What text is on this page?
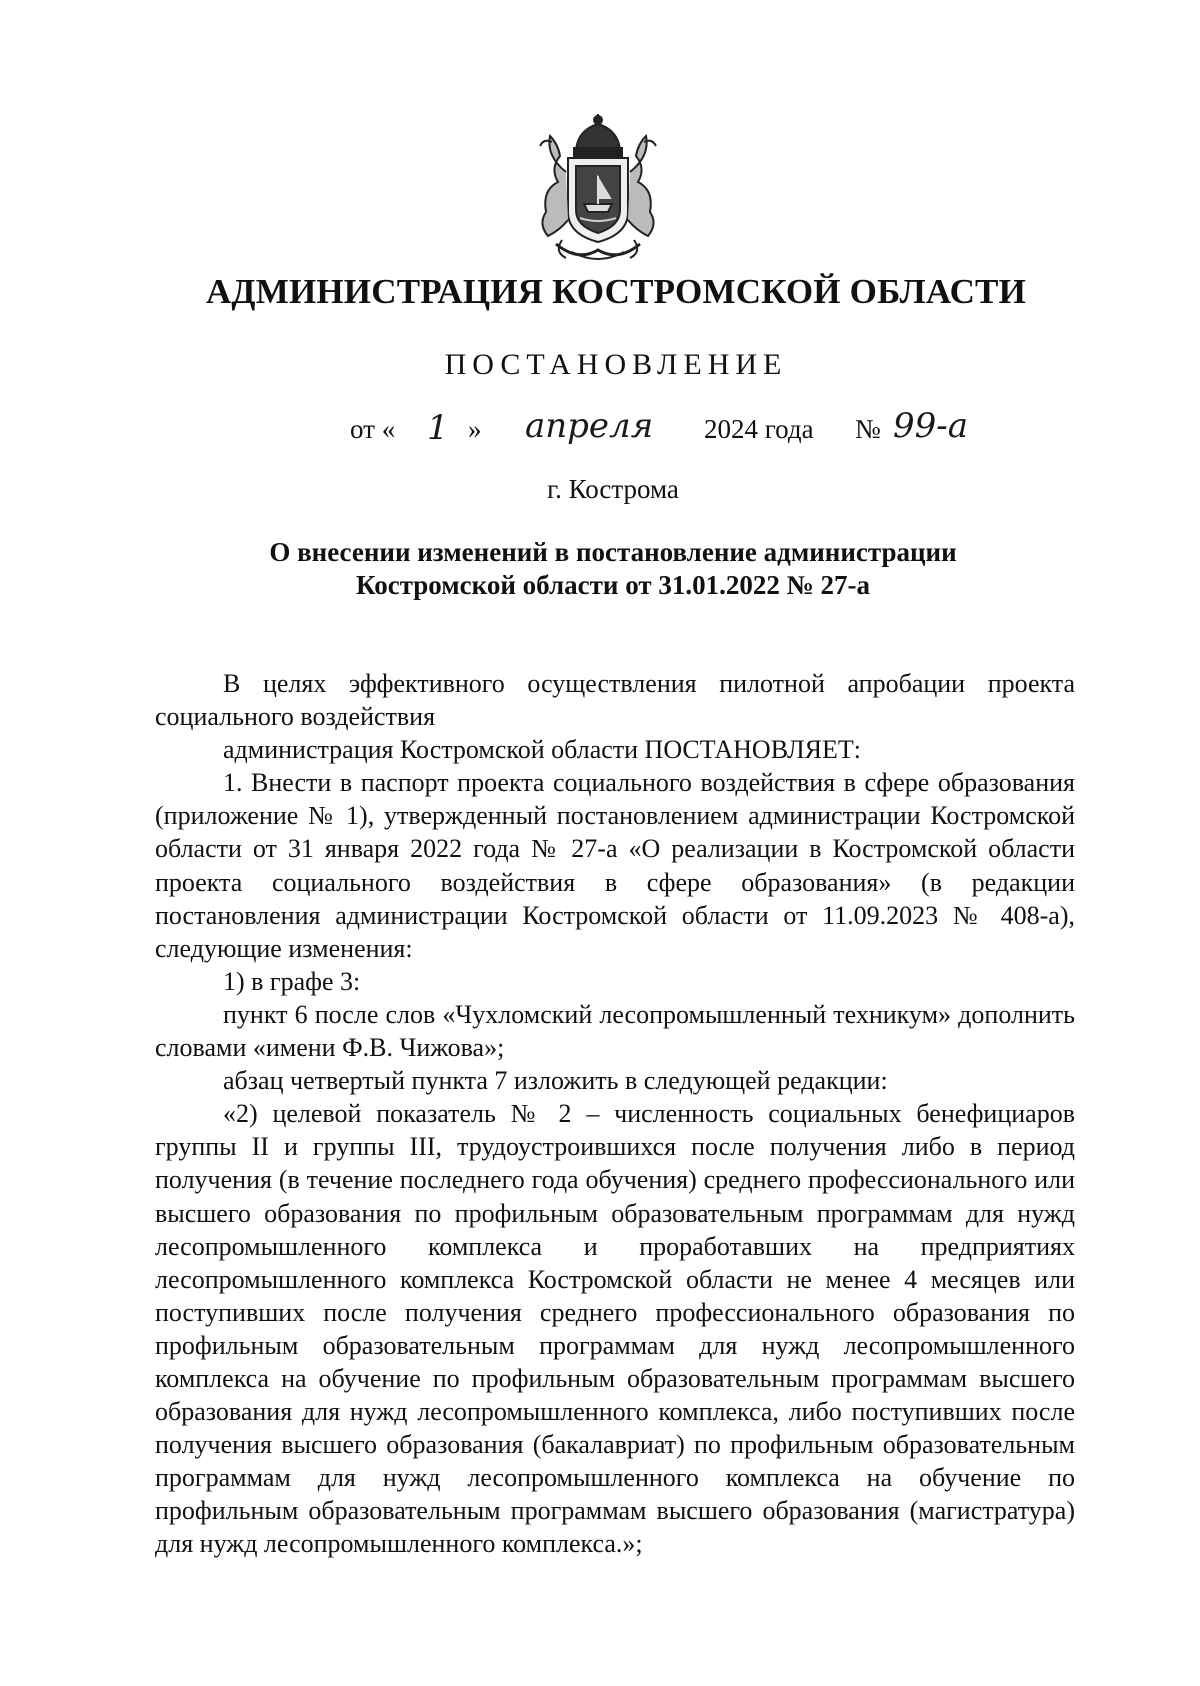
АДМИНИСТРАЦИЯ КОСТРОМСКОЙ ОБЛАСТИ
ПОСТАНОВЛЕНИЕ
от « 1 » апреля 2024 года № 99-а
г. Кострома
О внесении изменений в постановление администрации
Костромской области от 31.01.2022 № 27-а

В целях эффективного осуществления пилотной апробации проекта социального воздействия

администрация Костромской области ПОСТАНОВЛЯЕТ:

1. Внести в паспорт проекта социального воздействия в сфере образования (приложение № 1), утвержденный постановлением администрации Костромской области от 31 января 2022 года № 27-а «О реализации в Костромской области проекта социального воздействия в сфере образования» (в редакции постановления администрации Костромской области от 11.09.2023 № 408-а), следующие изменения:

1) в графе 3:

пункт 6 после слов «Чухломский лесопромышленный техникум» дополнить словами «имени Ф.В. Чижова»;

абзац четвертый пункта 7 изложить в следующей редакции:

«2) целевой показатель № 2 – численность социальных бенефициаров группы II и группы III, трудоустроившихся после получения либо в период получения (в течение последнего года обучения) среднего профессионального или высшего образования по профильным образовательным программам для нужд лесопромышленного комплекса и проработавших на предприятиях лесопромышленного комплекса Костромской области не менее 4 месяцев или поступивших после получения среднего профессионального образования по профильным образовательным программам для нужд лесопромышленного комплекса на обучение по профильным образовательным программам высшего образования для нужд лесопромышленного комплекса, либо поступивших после получения высшего образования (бакалавриат) по профильным образовательным программам для нужд лесопромышленного комплекса на обучение по профильным образовательным программам высшего образования (магистратура) для нужд лесопромышленного комплекса.»;
